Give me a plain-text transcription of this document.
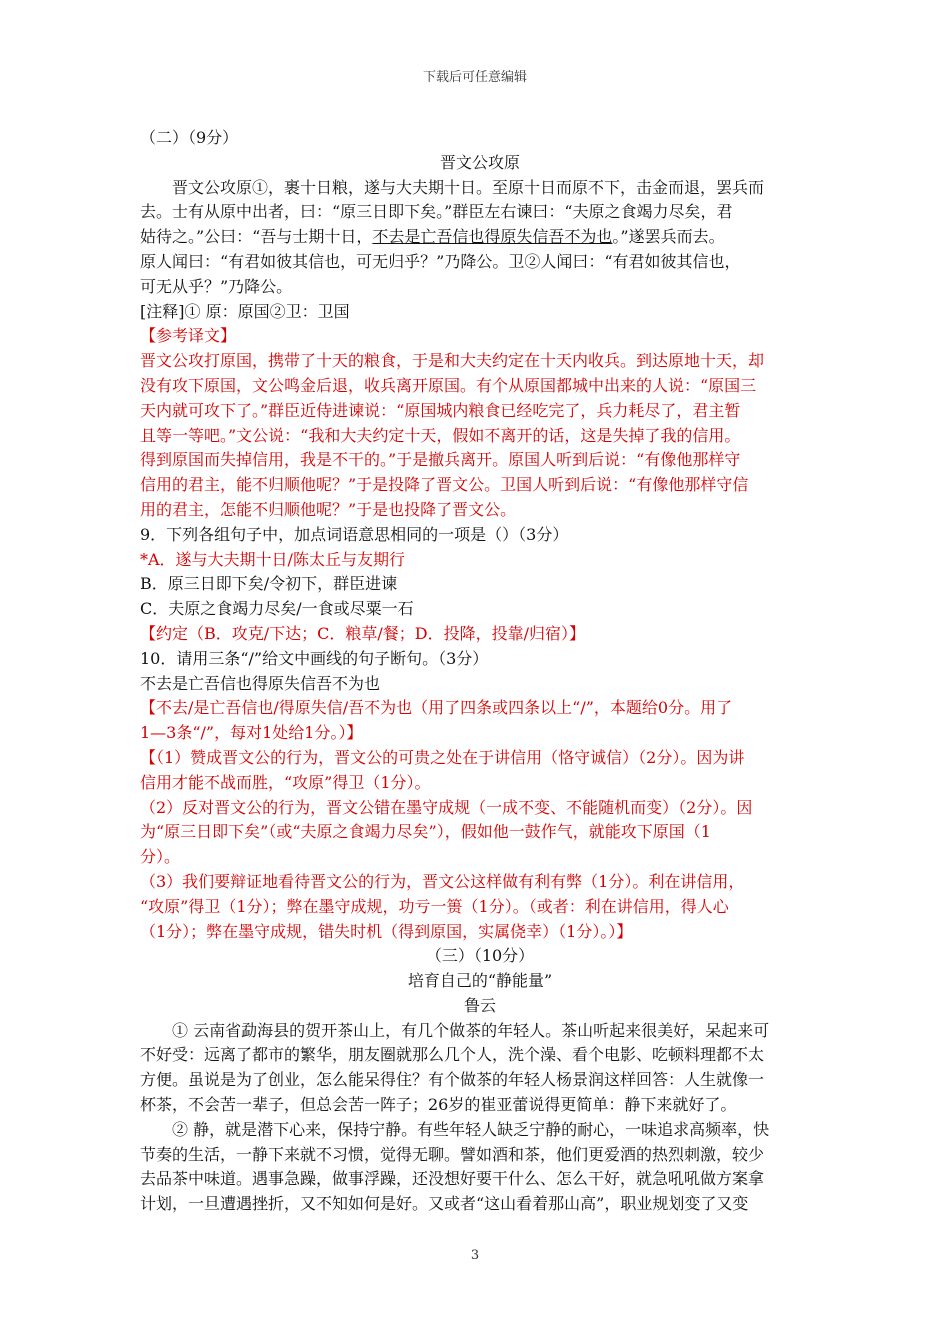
下载后可任意编辑
（二）（9分）
晋文公攻原
晋文公攻原①，裹十日粮，遂与大夫期十日。至原十日而原不下，击金而退，罢兵而
去。士有从原中出者，曰：“原三日即下矣。”群臣左右谏曰：“夫原之食竭力尽矣，君
姑待之。”公曰：“吾与士期十日，不去是亡吾信也得原失信吾不为也。”遂罢兵而去。
原人闻曰：“有君如彼其信也，可无归乎？”乃降公。卫②人闻曰：“有君如彼其信也，
可无从乎？”乃降公。
[注释]① 原：原国②卫：卫国
【参考译文】
晋文公攻打原国，携带了十天的粮食，于是和大夫约定在十天内收兵。到达原地十天，却
没有攻下原国，文公鸣金后退，收兵离开原国。有个从原国都城中出来的人说：“原国三
天内就可攻下了。”群臣近侍进谏说：“原国城内粮食已经吃完了，兵力耗尽了，君主暂
且等一等吧。”文公说：“我和大夫约定十天，假如不离开的话，这是失掉了我的信用。
得到原国而失掉信用，我是不干的。”于是撤兵离开。原国人听到后说：“有像他那样守
信用的君主，能不归顺他呢？”于是投降了晋文公。卫国人听到后说：“有像他那样守信
用的君主，怎能不归顺他呢？”于是也投降了晋文公。
9．下列各组句子中，加点词语意思相同的一项是（）（3分）
*A．遂与大夫期十日/陈太丘与友期行
B．原三日即下矣/令初下，群臣进谏
C．夫原之食竭力尽矣/一食或尽粟一石
【约定（B．攻克/下达；C．粮草/餐；D．投降，投靠/归宿）】
10．请用三条“/”给文中画线的句子断句。（3分）
不去是亡吾信也得原失信吾不为也
【不去/是亡吾信也/得原失信/吾不为也（用了四条或四条以上“/”，本题给0分。用了
1—3条“/”，每对1处给1分。）】
【（1）赞成晋文公的行为，晋文公的可贵之处在于讲信用（恪守诚信）（2分）。因为讲
信用才能不战而胜，“攻原”得卫（1分）。
（2）反对晋文公的行为，晋文公错在墨守成规（一成不变、不能随机而变）（2分）。因
为“原三日即下矣”（或“夫原之食竭力尽矣”），假如他一鼓作气，就能攻下原国（1
分）。
（3）我们要辩证地看待晋文公的行为，晋文公这样做有利有弊（1分）。利在讲信用，
“攻原”得卫（1分）；弊在墨守成规，功亏一篑（1分）。（或者：利在讲信用，得人心
（1分）；弊在墨守成规，错失时机（得到原国，实属侥幸）（1分）。）】
（三）（10分）
培育自己的“静能量”
鲁云
① 云南省勐海县的贺开茶山上，有几个做茶的年轻人。茶山听起来很美好，呆起来可
不好受：远离了都市的繁华，朋友圈就那么几个人，洗个澡、看个电影、吃顿料理都不太
方便。虽说是为了创业，怎么能呆得住？有个做茶的年轻人杨景润这样回答：人生就像一
杯茶，不会苦一辈子，但总会苦一阵子；26岁的崔亚蕾说得更简单：静下来就好了。
② 静，就是潜下心来，保持宁静。有些年轻人缺乏宁静的耐心，一味追求高频率，快
节奏的生活，一静下来就不习惯，觉得无聊。譬如酒和茶，他们更爱酒的热烈刺激，较少
去品茶中味道。遇事急躁，做事浮躁，还没想好要干什么、怎么干好，就急吼吼做方案拿
计划，一旦遭遇挫折，又不知如何是好。又或者“这山看着那山高”，职业规划变了又变
3
